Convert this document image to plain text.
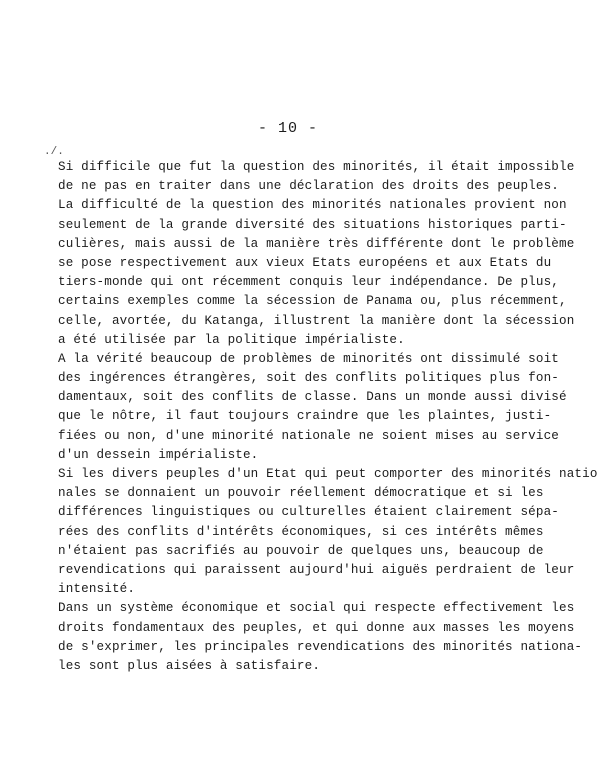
- 10 -
./.
Si difficile que fut la question des minorités, il était impossible
de ne pas en traiter dans une déclaration des droits des peuples.
La difficulté de la question des minorités nationales provient non
seulement de la grande diversité des situations historiques parti-
culières, mais aussi de la manière très différente dont le problème
se pose respectivement aux vieux Etats européens et aux Etats du
tiers-monde qui ont récemment conquis leur indépendance. De plus,
certains exemples comme la sécession de Panama ou, plus récemment,
celle, avortée, du Katanga, illustrent la manière dont la sécession
a été utilisée par la politique impérialiste.
A la vérité beaucoup de problèmes de minorités ont dissimulé soit
des ingérences étrangères, soit des conflits politiques plus fon-
damentaux, soit des conflits de classe. Dans un monde aussi divisé
que le nôtre, il faut toujours craindre que les plaintes, justi-
fiées ou non, d'une minorité nationale ne soient mises au service
d'un dessein impérialiste.
Si les divers peuples d'un Etat qui peut comporter des minorités natio
nales se donnaient un pouvoir réellement démocratique et si les
différences linguistiques ou culturelles étaient clairement sépa-
rées des conflits d'intérêts économiques, si ces intérêts mêmes
n'étaient pas sacrifiés au pouvoir de quelques uns, beaucoup de
revendications qui paraissent aujourd'hui aiguës perdraient de leur
intensité.
Dans un système économique et social qui respecte effectivement les
droits fondamentaux des peuples, et qui donne aux masses les moyens
de s'exprimer, les principales revendications des minorités nationa-
les sont plus aisées à satisfaire.
